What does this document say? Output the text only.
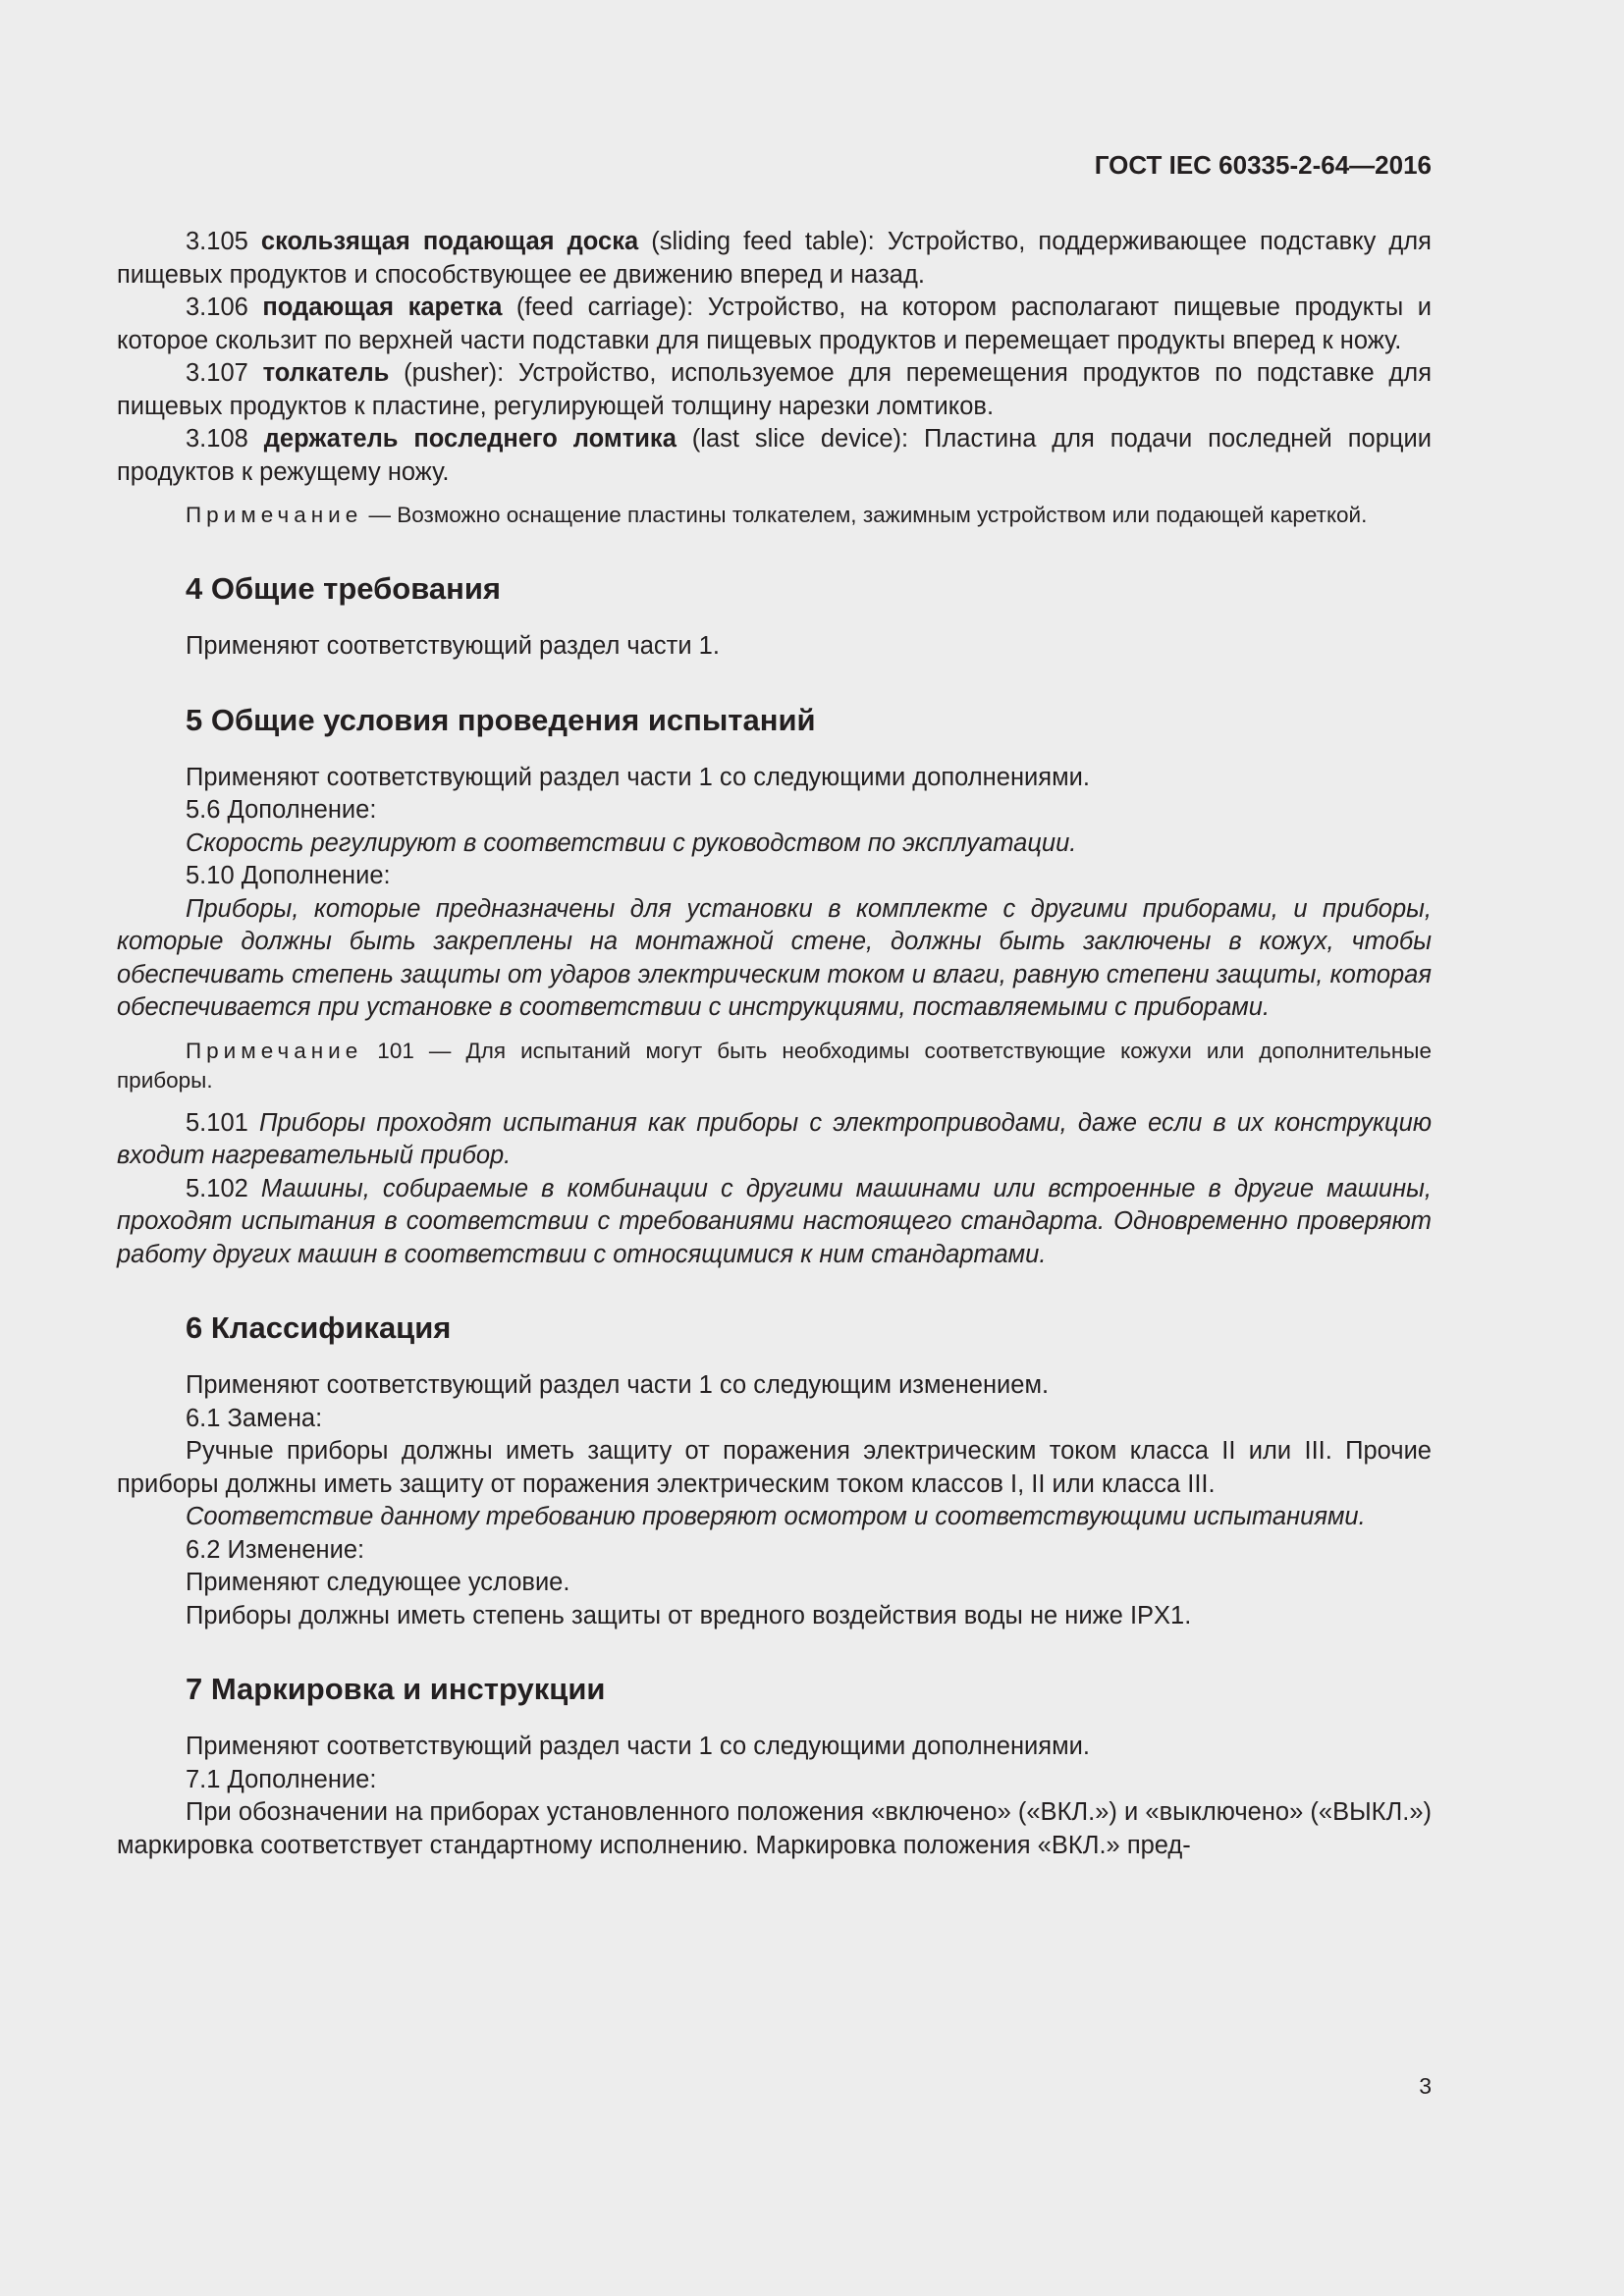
ГОСТ IEC 60335-2-64—2016

3.105 скользящая подающая доска (sliding feed table): Устройство, поддерживающее подставку для пищевых продуктов и способствующее ее движению вперед и назад.

3.106 подающая каретка (feed carriage): Устройство, на котором располагают пищевые продукты и которое скользит по верхней части подставки для пищевых продуктов и перемещает продукты вперед к ножу.

3.107 толкатель (pusher): Устройство, используемое для перемещения продуктов по подставке для пищевых продуктов к пластине, регулирующей толщину нарезки ломтиков.

3.108 держатель последнего ломтика (last slice device): Пластина для подачи последней порции продуктов к режущему ножу.

Примечание — Возможно оснащение пластины толкателем, зажимным устройством или подающей кареткой.
4 Общие требования

Применяют соответствующий раздел части 1.

5 Общие условия проведения испытаний

Применяют соответствующий раздел части 1 со следующими дополнениями.

5.6 Дополнение:

Скорость регулируют в соответствии с руководством по эксплуатации.

5.10 Дополнение:

Приборы, которые предназначены для установки в комплекте с другими приборами, и приборы, которые должны быть закреплены на монтажной стене, должны быть заключены в кожух, чтобы обеспечивать степень защиты от ударов электрическим током и влаги, равную степени защиты, которая обеспечивается при установке в соответствии с инструкциями, поставляемыми с приборами.

Примечание 101 — Для испытаний могут быть необходимы соответствующие кожухи или дополнительные приборы.

5.101 Приборы проходят испытания как приборы с электроприводами, даже если в их конструкцию входит нагревательный прибор.

5.102 Машины, собираемые в комбинации с другими машинами или встроенные в другие машины, проходят испытания в соответствии с требованиями настоящего стандарта. Одновременно проверяют работу других машин в соответствии с относящимися к ним стандартами.

6 Классификация

Применяют соответствующий раздел части 1 со следующим изменением.

6.1 Замена:

Ручные приборы должны иметь защиту от поражения электрическим током класса II или III. Прочие приборы должны иметь защиту от поражения электрическим током классов I, II или класса III.

Соответствие данному требованию проверяют осмотром и соответствующими испытаниями.

6.2 Изменение:

Применяют следующее условие.

Приборы должны иметь степень защиты от вредного воздействия воды не ниже IPX1.

7 Маркировка и инструкции

Применяют соответствующий раздел части 1 со следующими дополнениями.

7.1 Дополнение:

При обозначении на приборах установленного положения «включено» («ВКЛ.») и «выключено» («ВЫКЛ.») маркировка соответствует стандартному исполнению. Маркировка положения «ВКЛ.» пред-

3
